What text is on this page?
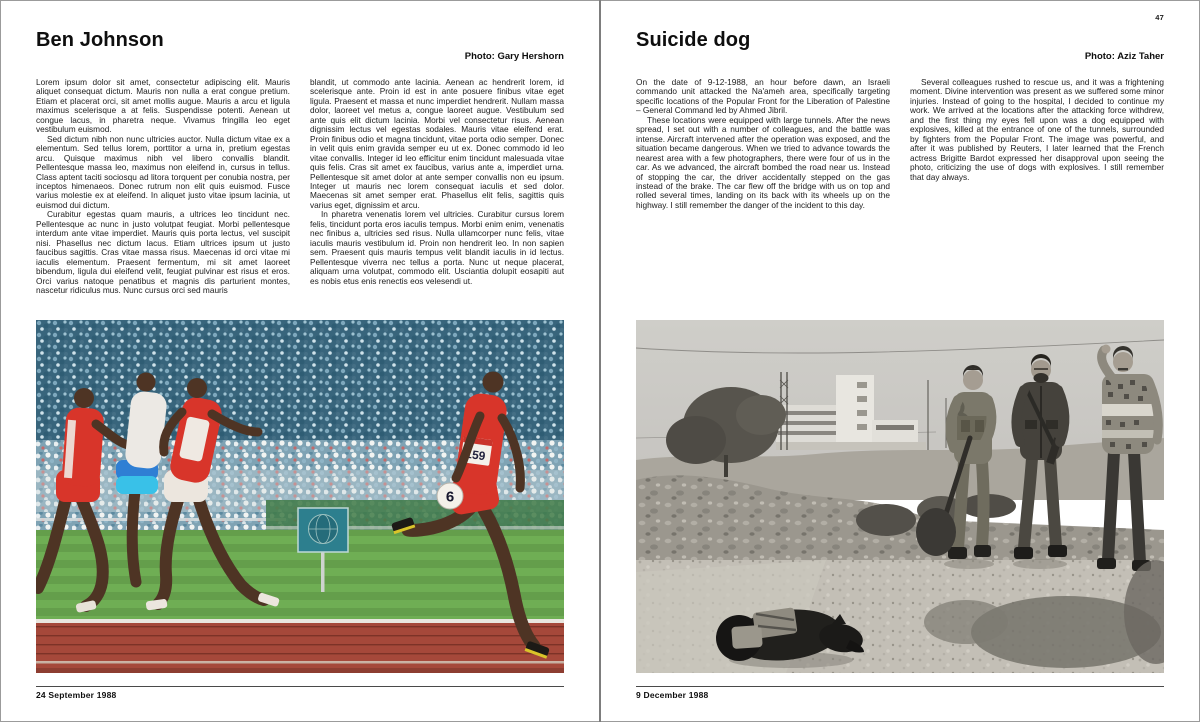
Ben Johnson
Photo: Gary Hershorn

Lorem ipsum dolor sit amet, consectetur adipiscing elit. Mauris aliquet consequat dictum. Mauris non nulla a erat congue pretium. Etiam et placerat orci, sit amet mollis augue. Mauris a arcu et ligula maximus scelerisque a at felis. Suspendisse potenti. Aenean ut congue lacus, in pharetra neque. Vivamus fringilla leo eget vestibulum euismod.

Sed dictum nibh non nunc ultricies auctor. Nulla dictum vitae ex a elementum. Sed tellus lorem, porttitor a urna in, pretium egestas arcu. Quisque maximus nibh vel libero convallis blandit. Pellentesque massa leo, maximus non eleifend in, cursus in tellus. Class aptent taciti sociosqu ad litora torquent per conubia nostra, per inceptos himenaeos. Donec rutrum non elit quis euismod. Fusce varius molestie ex at eleifend. In aliquet justo vitae ipsum lacinia, ut euismod dui dictum.

Curabitur egestas quam mauris, a ultrices leo tincidunt nec. Pellentesque ac nunc in justo volutpat feugiat. Morbi pellentesque interdum ante vitae imperdiet. Mauris quis porta lectus, vel suscipit nisi. Phasellus nec dictum lacus. Etiam ultrices ipsum ut justo faucibus sagittis. Cras vitae massa risus. Maecenas id orci vitae mi iaculis elementum. Praesent fermentum, mi sit amet laoreet bibendum, ligula dui eleifend velit, feugiat pulvinar est risus et eros. Orci varius natoque penatibus et magnis dis parturient montes, nascetur ridiculus mus. Nunc cursus orci sed mauris

blandit, ut commodo ante lacinia. Aenean ac hendrerit lorem, id scelerisque ante. Proin id est in ante posuere finibus vitae eget ligula. Praesent et massa et nunc imperdiet hendrerit. Nullam massa dolor, laoreet vel metus a, congue laoreet augue. Vestibulum sed ante quis elit dictum lacinia. Morbi vel consectetur risus. Aenean dignissim lectus vel egestas sodales. Mauris vitae eleifend erat. Proin finibus odio et magna tincidunt, vitae porta odio semper. Donec in velit quis enim gravida semper eu ut ex. Donec commodo id leo vitae convallis. Integer id leo efficitur enim tincidunt malesuada vitae quis felis. Cras sit amet ex faucibus, varius ante a, imperdiet urna. Pellentesque sit amet dolor at ante semper convallis non eu ipsum. Integer ut mauris nec lorem consequat iaculis et sed dolor. Maecenas sit amet semper erat. Phasellus elit felis, sagittis quis varius eget, dignissim et arcu.

In pharetra venenatis lorem vel ultricies. Curabitur cursus lorem felis, tincidunt porta eros iaculis tempus. Morbi enim enim, venenatis nec finibus a, ultricies sed risus. Nulla ullamcorper nunc felis, vitae iaculis mauris vestibulum id. Proin non hendrerit leo. In non sapien sem. Praesent quis mauris tempus velit blandit iaculis in id lectus. Pellentesque viverra nec tellus a porta. Nunc ut neque placerat, aliquam urna volutpat, commodo elit. Usciantia dolupit eosapiti aut es nobis etus enis renectis eos velesendi ut.

159
6
24 September 1988
47
Suicide dog
Photo: Aziz Taher

On the date of 9-12-1988, an hour before dawn, an Israeli commando unit attacked the Na'ameh area, specifically targeting specific locations of the Popular Front for the Liberation of Palestine – General Command led by Ahmed Jibril.

These locations were equipped with large tunnels. After the news spread, I set out with a number of colleagues, and the battle was intense. Aircraft intervened after the operation was exposed, and the situation became dangerous. When we tried to advance towards the nearest area with a few photographers, there were four of us in the car. As we advanced, the aircraft bombed the road near us. Instead of stopping the car, the driver accidentally stepped on the gas instead of the brake. The car flew off the bridge with us on top and rolled several times, landing on its back with its wheels up on the highway. I still remember the danger of the incident to this day.

Several colleagues rushed to rescue us, and it was a frightening moment. Divine intervention was present as we suffered some minor injuries. Instead of going to the hospital, I decided to continue my work. We arrived at the locations after the attacking force withdrew, and the first thing my eyes fell upon was a dog equipped with explosives, killed at the entrance of one of the tunnels, surrounded by fighters from the Popular Front. The image was powerful, and after it was published by Reuters, I later learned that the French actress Brigitte Bardot expressed her disapproval upon seeing the photo, criticizing the use of dogs with explosives. I still remember that day always.

9 December 1988
